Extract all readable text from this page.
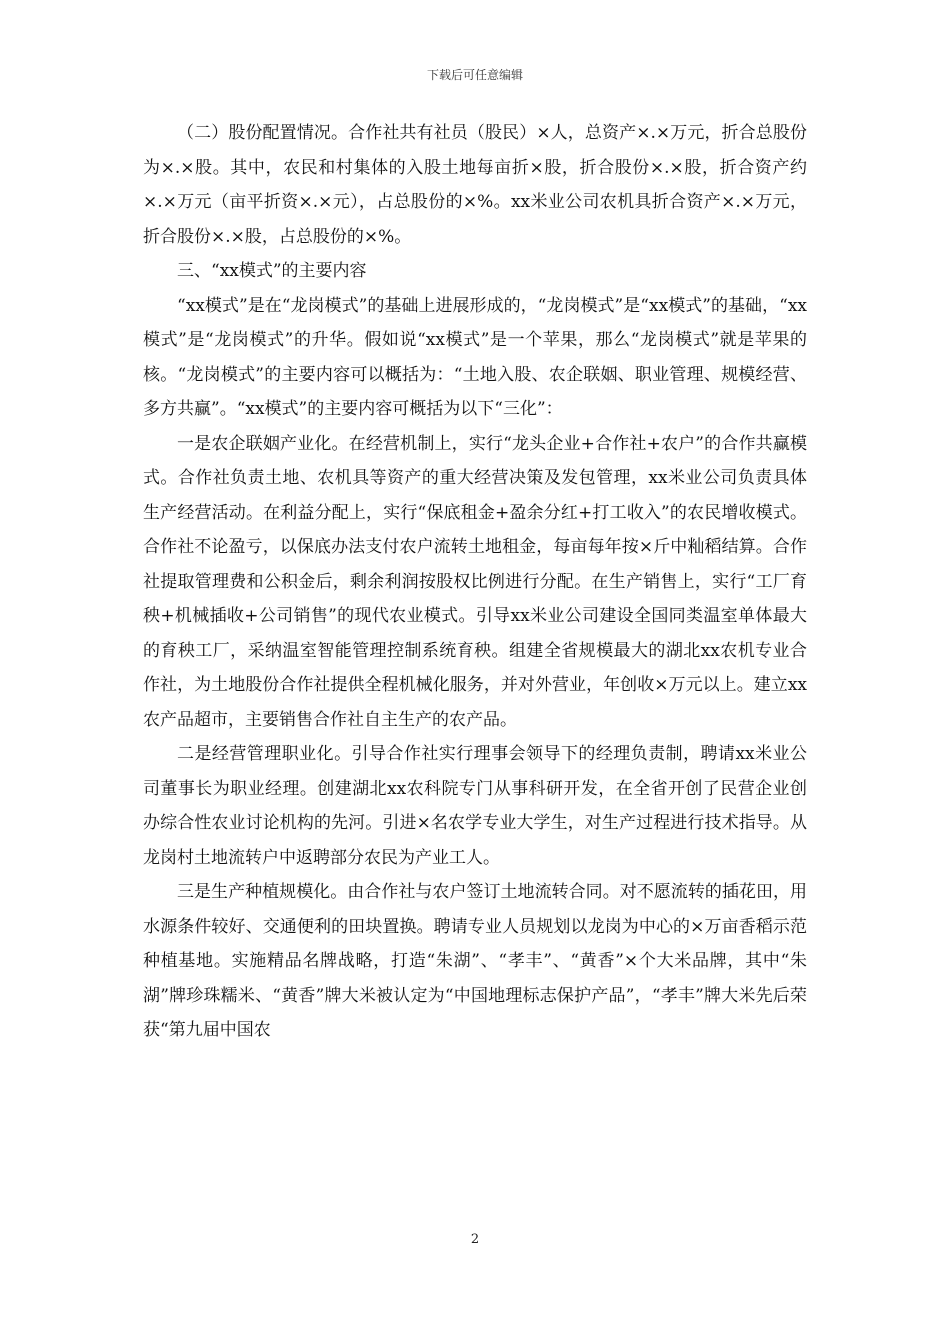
下载后可任意编辑

（二）股份配置情况。合作社共有社员（股民）×人，总资产×.×万元，折合总股份为×.×股。其中，农民和村集体的入股土地每亩折×股，折合股份×.×股，折合资产约×.×万元（亩平折资×.×元），占总股份的×%。xx米业公司农机具折合资产×.×万元，折合股份×.×股，占总股份的×%。

三、“xx模式”的主要内容

“xx模式”是在“龙岗模式”的基础上进展形成的，“龙岗模式”是“xx模式”的基础，“xx模式”是“龙岗模式”的升华。假如说“xx模式”是一个苹果，那么“龙岗模式”就是苹果的核。“龙岗模式”的主要内容可以概括为：“土地入股、农企联姻、职业管理、规模经营、多方共赢”。“xx模式”的主要内容可概括为以下“三化”：

一是农企联姻产业化。在经营机制上，实行“龙头企业+合作社+农户”的合作共赢模式。合作社负责土地、农机具等资产的重大经营决策及发包管理，xx米业公司负责具体生产经营活动。在利益分配上，实行“保底租金+盈余分红+打工收入”的农民增收模式。合作社不论盈亏，以保底办法支付农户流转土地租金，每亩每年按×斤中籼稻结算。合作社提取管理费和公积金后，剩余利润按股权比例进行分配。在生产销售上，实行“工厂育秧+机械插收+公司销售”的现代农业模式。引导xx米业公司建设全国同类温室单体最大的育秧工厂，采纳温室智能管理控制系统育秧。组建全省规模最大的湖北xx农机专业合作社，为土地股份合作社提供全程机械化服务，并对外营业，年创收×万元以上。建立xx农产品超市，主要销售合作社自主生产的农产品。

二是经营管理职业化。引导合作社实行理事会领导下的经理负责制，聘请xx米业公司董事长为职业经理。创建湖北xx农科院专门从事科研开发，在全省开创了民营企业创办综合性农业讨论机构的先河。引进×名农学专业大学生，对生产过程进行技术指导。从龙岗村土地流转户中返聘部分农民为产业工人。

三是生产种植规模化。由合作社与农户签订土地流转合同。对不愿流转的插花田，用水源条件较好、交通便利的田块置换。聘请专业人员规划以龙岗为中心的×万亩香稻示范种植基地。实施精品名牌战略，打造“朱湖”、“孝丰”、“黄香”×个大米品牌，其中“朱湖”牌珍珠糯米、“黄香”牌大米被认定为“中国地理标志保护产品”，“孝丰”牌大米先后荣获“第九届中国农

2
